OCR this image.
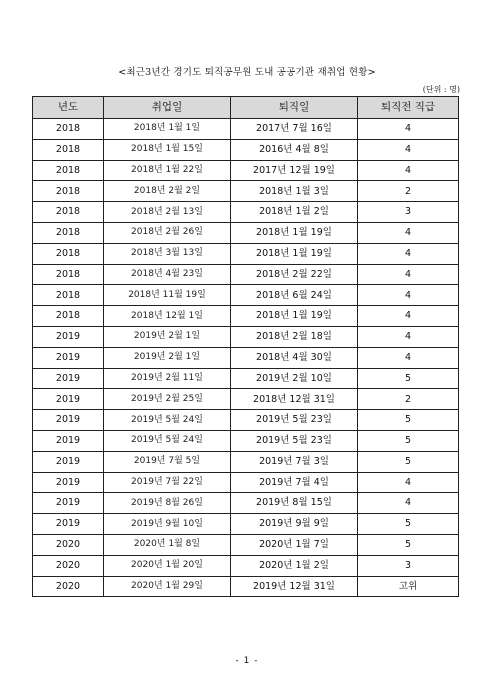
<최근3년간 경기도 퇴직공무원 도내 공공기관 재취업 현황>
(단위 : 명)
년도	취업일	퇴직일	퇴직전 직급
2018	2018년 1월 1일	2017년 7월 16일	4
2018	2018년 1월 15일	2016년 4월 8일	4
2018	2018년 1월 22일	2017년 12월 19일	4
2018	2018년 2월 2일	2018년 1월 3일	2
2018	2018년 2월 13일	2018년 1월 2일	3
2018	2018년 2월 26일	2018년 1월 19일	4
2018	2018년 3월 13일	2018년 1월 19일	4
2018	2018년 4월 23일	2018년 2월 22일	4
2018	2018년 11월 19일	2018년 6월 24일	4
2018	2018년 12월 1일	2018년 1월 19일	4
2019	2019년 2월 1일	2018년 2월 18일	4
2019	2019년 2월 1일	2018년 4월 30일	4
2019	2019년 2월 11일	2019년 2월 10일	5
2019	2019년 2월 25일	2018년 12월 31일	2
2019	2019년 5월 24일	2019년 5월 23일	5
2019	2019년 5월 24일	2019년 5월 23일	5
2019	2019년 7월 5일	2019년 7월 3일	5
2019	2019년 7월 22일	2019년 7월 4일	4
2019	2019년 8월 26일	2019년 8월 15일	4
2019	2019년 9월 10일	2019년 9월 9일	5
2020	2020년 1월 8일	2020년 1월 7일	5
2020	2020년 1월 20일	2020년 1월 2일	3
2020	2020년 1월 29일	2019년 12월 31일	고위
- 1 -
